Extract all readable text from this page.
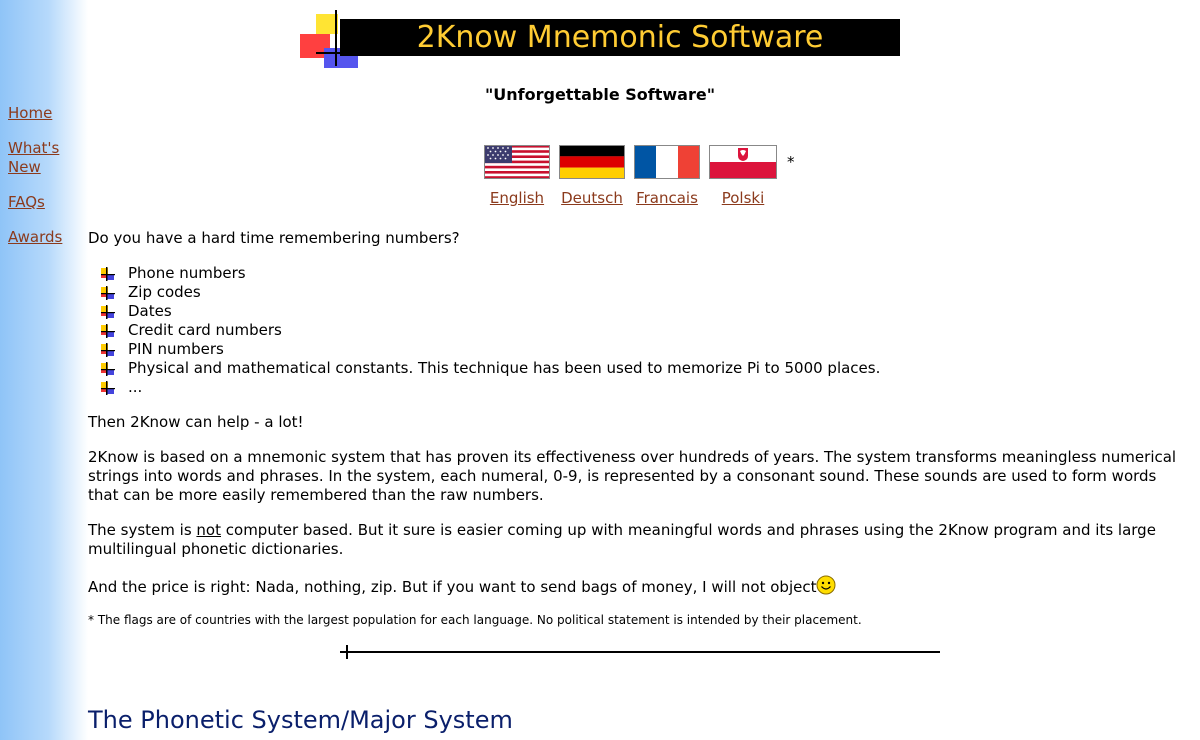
Home
What's New
FAQs
Awards
2Know Mnemonic Software
"Unforgettable Software"
English	Deutsch Francais	Polski
*

Do you have a hard time remembering numbers?

Phone numbers
Zip codes
Dates
Credit card numbers
PIN numbers
Physical and mathematical constants. This technique has been used to memorize Pi to 5000 places.
...

Then 2Know can help - a lot!

2Know is based on a mnemonic system that has proven its effectiveness over hundreds of years. The system transforms meaningless numerical strings into words and phrases. In the system, each numeral, 0-9, is represented by a consonant sound. These sounds are used to form words that can be more easily remembered than the raw numbers.

The system is not computer based. But it sure is easier coming up with meaningful words and phrases using the 2Know program and its large multilingual phonetic dictionaries.

And the price is right: Nada, nothing, zip. But if you want to send bags of money, I will not object

* The flags are of countries with the largest population for each language. No political statement is intended by their placement.

The Phonetic System/Major System
